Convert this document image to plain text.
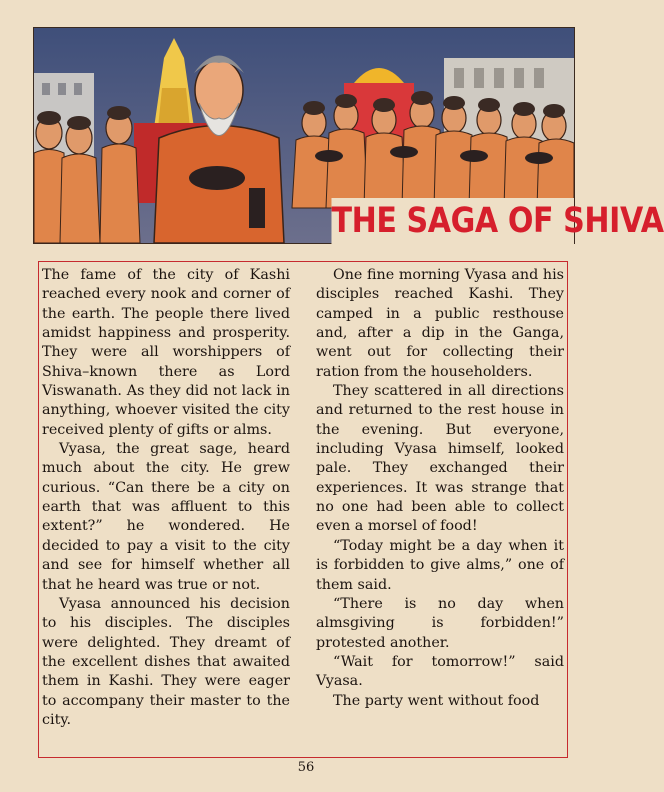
THE SAGA OF SHIVA

The fame of the city of Kashi reached every nook and corner of the earth. The people there lived amidst happiness and prosperity. They were all worshippers of Shiva–known there as Lord Viswanath. As they did not lack in anything, whoever visited the city received plenty of gifts or alms.

Vyasa, the great sage, heard much about the city. He grew curious. “Can there be a city on earth that was affluent to this extent?” he wondered. He decided to pay a visit to the city and see for himself whether all that he heard was true or not.

Vyasa announced his decision to his disciples. The disciples were delighted. They dreamt of the excellent dishes that awaited them in Kashi. They were eager to accompany their master to the city.

One fine morning Vyasa and his disciples reached Kashi. They camped in a public resthouse and, after a dip in the Ganga, went out for collecting their ration from the householders.

They scattered in all directions and returned to the rest house in the evening. But everyone, including Vyasa himself, looked pale. They exchanged their experiences. It was strange that no one had been able to collect even a morsel of food!

“Today might be a day when it is forbidden to give alms,” one of them said.

“There is no day when almsgiving is forbidden!” protested another.

“Wait for tomorrow!” said Vyasa.

The party went without food

56
